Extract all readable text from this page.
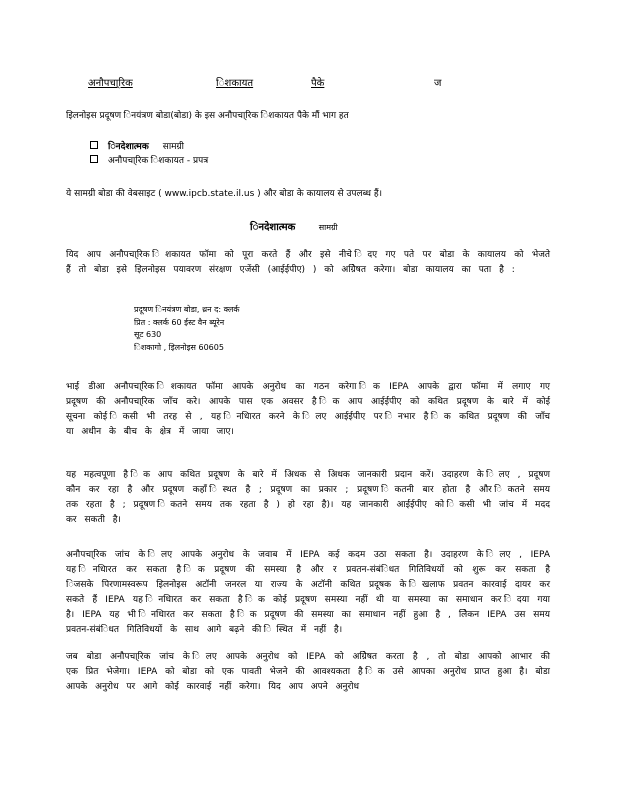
अनौपचा्रिक	िशकायत	पैके	ज
इिलनोइस प्रदूषण िनयंत्रण बोडा(बोडा) के इस अनौपचा्रिक िशकायत पैके मौं भाग हत
िनदेशात्मक सामग्री
अनौपचा्रिक िशकायत - प्रपत्र
ये सामग्री बोडा की वेबसाइट ( www.ipcb.state.il.us ) और बोडा के कायालय से उपलब्ध हैं।
िनदेशात्मक	सामग्री
यिद आप अनौपचा्रिक िशकायत फॉमा को पूरा करते हैं और इसे नीचे िदए गए पते पर बोडा के कायालय को भेजते हैं तो बोडा इसे इिलनोइस पयावरण संरक्षण एजेंसी (आईईपीए) ) को अग्रेिषत करेगा। बोडा कायालय का पता है :
प्रदूषण िनयंत्रण बोडा, थ्रन द: क्लर्क
प्रित : क्लर्क 60 ईस्ट वैन ब्यूरेन
सूट 630
िशकागो , इिलनोइस 60605
भाई डीआ अनौपचा्रिक िशकायत फॉमा आपके अनुरोध का गठन करेगा िक IEPA आपके द्वारा फॉमा में लगाए गए प्रदूषण की अनौपचा्रिक जाँच करे। आपके पास एक अवसर है िक आप आईईपीए को कथित प्रदूषण के बारे में कोई सूचना कोई िकसी भी तरह से , यह िनधािरत करने के िलए आईईपीए पर िनभार है िक कथित प्रदूषण की जाँच या अधीन के बीच के क्षेत्र में जाया जाए।
यह महत्वपूणा है िक आप कथित प्रदूषण के बारे में अिधक से अिधक जानकारी प्रदान करें। उदाहरण के िलए , प्रदूषण कौन कर रहा है और प्रदूषण कहाँ िस्थत है ; प्रदूषण का प्रकार ; प्रदूषण िकतनी बार होता है और िकतने समय तक रहता है ; प्रदूषण िकतने समय तक रहता है ) हो रहा है)। यह जानकारी आईईपीए को िकसी भी जांच में मदद कर सकती है।
अनौपचा्रिक जांच के िलए आपके अनुरोध के जवाब में IEPA कई कदम उठा सकता है। उदाहरण के िलए , IEPA यह िनधािरत कर सकता है िक प्रदूषण की समस्या है और र प्रवतन-संबंिधत गितिविधयों को शुरू कर सकता है िजसके पिरणामस्वरूप इिलनोइस अटॉनी जनरल या राज्य के अटॉनी कथित प्रदूषक के िखलाफ प्रवतन कारवाई दायर कर सकते हैं IEPA यह िनधािरत कर सकता है िक कोई प्रदूषण समस्या नहीं थी या समस्या का समाधान कर िदया गया है। IEPA यह भी िनधािरत कर सकता है िक प्रदूषण की समस्या का समाधान नहीं हुआ है , लेिकन IEPA उस समय प्रवतन-संबंिधत गितिविधयों के साथ आगे बढ़ने की िस्थित में नहीं है।
जब बोडा अनौपचा्रिक जांच के िलए आपके अनुरोध को IEPA को अग्रेिषत करता है , तो बोडा आपको आभार की एक प्रित भेजेगा। IEPA को बोडा को एक पावती भेजने की आवश्यकता है िक उसे आपका अनुरोध प्राप्त हुआ है। बोडा आपके अनुरोध पर आगे कोई कारवाई नहीं करेगा। यिद आप अपने अनुरोध
